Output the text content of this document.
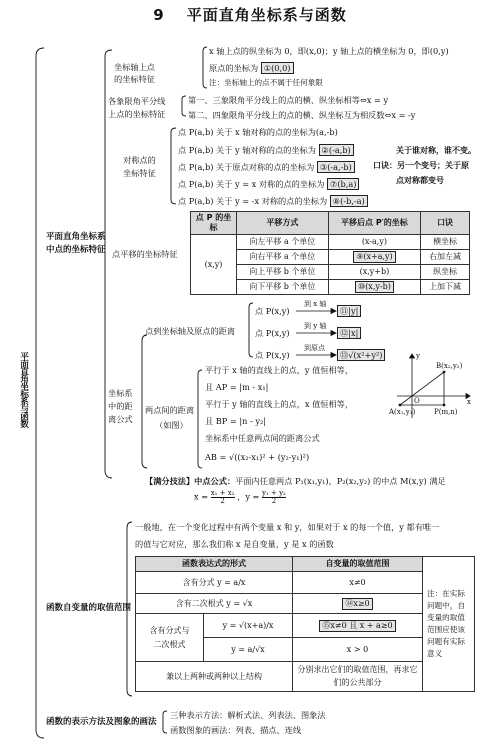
9 平面直角坐标系与函数
平面直角坐标系与函数
平面直角坐标系中点的坐标特征
坐标轴上点的坐标特征
x 轴上点的纵坐标为 0，即(x,0)；y 轴上点的横坐标为 0，即(0,y)
原点的坐标为 ①(0,0)
注：坐标轴上的点不属于任何象限
各象限角平分线
上点的坐标特征
第一、三象限角平分线上的点的横、纵坐标相等⇔x = y
第二、四象限角平分线上的点的横、纵坐标互为相反数⇔x = -y
对称点的
坐标特征
点 P(a,b) 关于 x 轴对称的点的坐标为(a,-b)
点 P(a,b) 关于 y 轴对称的点的坐标为 ②(-a,b)
点 P(a,b) 关于原点对称的点的坐标为 ③(-a,-b)
点 P(a,b) 关于 y = x 对称的点的坐标为 ⑦(b,a)
点 P(a,b) 关于 y = -x 对称的点的坐标为 ⑧(-b,-a)
关于谁对称，谁不变。
口诀：另一个变号；关于原
点对称都变号
点平移的坐标特征
点 P 的坐标	平移方式	平移后点 P′的坐标	口诀
(x,y)	向左平移 a 个单位	(x-a,y)	横坐标
	向右平移 a 个单位	⑨(x+a,y)	右加左减
	向上平移 b 个单位	(x,y+b)	纵坐标
	向下平移 b 个单位	⑩(x,y-b)	上加下减
点到坐标轴及原点的距离
点 P(x,y)
到 x 轴
⑪|y|
点 P(x,y)
到 y 轴
⑫|x|
点 P(x,y)
到原点
⑬√(x²+y²)
坐标系
中的距
离公式
两点间的距离
（如图）
平行于 x 轴的直线上的点，y 值恒相等，
且 AP = |m - x₁|
平行于 y 轴的直线上的点，x 值恒相等，
且 BP = |n - y₂|
坐标系中任意两点间的距离公式
AB = √((x₂-x₁)² + (y₂-y₁)²)
y
x
B(x₂,y₂)
A(x₁,y₁)	P(m,n)
O
【满分技法】中点公式：平面内任意两点 P₁(x₁,y₁)，P₂(x₂,y₂) 的中点 M(x,y) 满足
$x = \frac{\text{x₁ + x₂}}{2}$ ，$y = \frac{\text{y₁ + y₂}}{2}$
函数自变量的取值范围
一般地，在一个变化过程中有两个变量 x 和 y，如果对于 x 的每一个值，y 都有唯一
的值与它对应，那么我们称 x 是自变量，y 是 x 的函数
函数表达式的形式		自变量的取值范围	注：在实际问题中，自变量的取值范围应使该问题有实际意义
含有分式 y = a/x		x≠0	
含有二次根式 y = √x		⑭x≥0	
含有分式与
二次根式	y = √(x+a)/x	⑮x≠0 且 x + a≥0	
	y = a/√x	x > 0	
兼以上两种或两种以上结构		分别求出它们的取值范围，再求它们的公共部分	
函数的表示方法及图象的画法
三种表示方法：解析式法、列表法、图象法
函数图象的画法：列表、描点、连线
